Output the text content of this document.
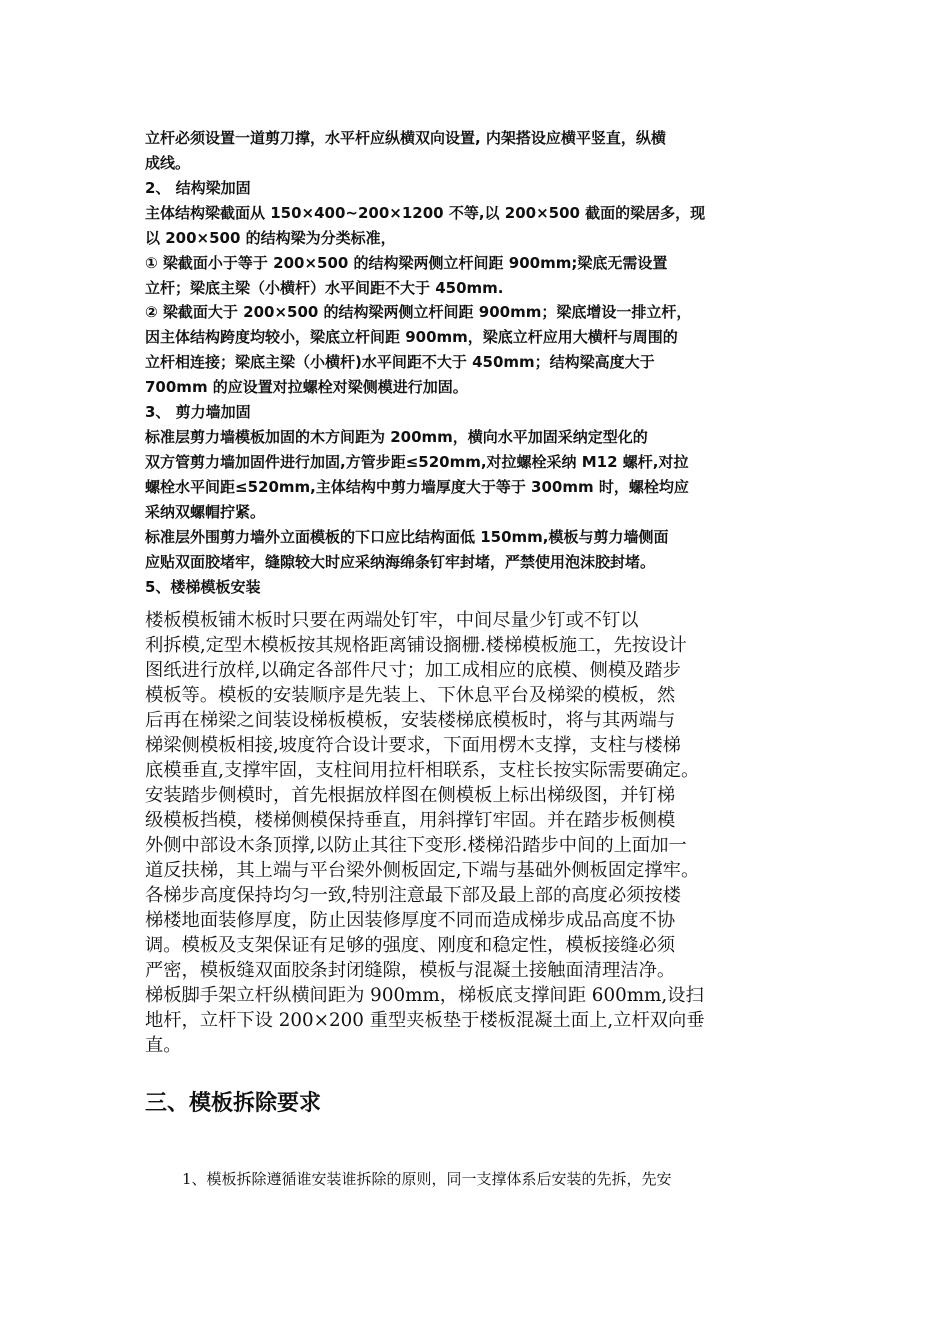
立杆必须设置一道剪刀撑，水平杆应纵横双向设置, 内架搭设应横平竖直，纵横
成线。
2、 结构梁加固
主体结构梁截面从 150×400~200×1200 不等,以 200×500 截面的梁居多，现
以 200×500 的结构梁为分类标准，
① 梁截面小于等于 200×500 的结构梁两侧立杆间距 900mm;梁底无需设置
立杆；梁底主梁（小横杆）水平间距不大于 450mm.
② 梁截面大于 200×500 的结构梁两侧立杆间距 900mm；梁底增设一排立杆，
因主体结构跨度均较小，梁底立杆间距 900mm，梁底立杆应用大横杆与周围的
立杆相连接；梁底主梁（小横杆)水平间距不大于 450mm；结构梁高度大于
700mm 的应设置对拉螺栓对梁侧模进行加固。
3、 剪力墙加固
标准层剪力墙模板加固的木方间距为 200mm，横向水平加固采纳定型化的
双方管剪力墙加固件进行加固,方管步距≤520mm,对拉螺栓采纳 M12 螺杆,对拉
螺栓水平间距≤520mm,主体结构中剪力墙厚度大于等于 300mm 时，螺栓均应
采纳双螺帽拧紧。
标准层外围剪力墙外立面模板的下口应比结构面低 150mm,模板与剪力墙侧面
应贴双面胶堵牢，缝隙较大时应采纳海绵条钉牢封堵，严禁使用泡沫胶封堵。
5、楼梯模板安装
楼板模板铺木板时只要在两端处钉牢，中间尽量少钉或不钉以
利拆模,定型木模板按其规格距离铺设搁栅.楼梯模板施工，先按设计
图纸进行放样,以确定各部件尺寸；加工成相应的底模、侧模及踏步
模板等。模板的安装顺序是先装上、下休息平台及梯梁的模板，然
后再在梯梁之间装设梯板模板，安装楼梯底模板时，将与其两端与
梯梁侧模板相接,坡度符合设计要求，下面用楞木支撑，支柱与楼梯
底模垂直,支撑牢固，支柱间用拉杆相联系，支柱长按实际需要确定。
安装踏步侧模时，首先根据放样图在侧模板上标出梯级图，并钉梯
级模板挡模，楼梯侧模保持垂直，用斜撑钉牢固。并在踏步板侧模
外侧中部设木条顶撑,以防止其往下变形.楼梯沿踏步中间的上面加一
道反扶梯，其上端与平台梁外侧板固定,下端与基础外侧板固定撑牢。
各梯步高度保持均匀一致,特别注意最下部及最上部的高度必须按楼
梯楼地面装修厚度，防止因装修厚度不同而造成梯步成品高度不协
调。模板及支架保证有足够的强度、刚度和稳定性，模板接缝必须
严密，模板缝双面胶条封闭缝隙，模板与混凝土接触面清理洁净。
梯板脚手架立杆纵横间距为 900mm，梯板底支撑间距 600mm,设扫
地杆，立杆下设 200×200 重型夹板垫于楼板混凝土面上,立杆双向垂
直。
三、模板拆除要求
1、模板拆除遵循谁安装谁拆除的原则，同一支撑体系后安装的先拆，先安
